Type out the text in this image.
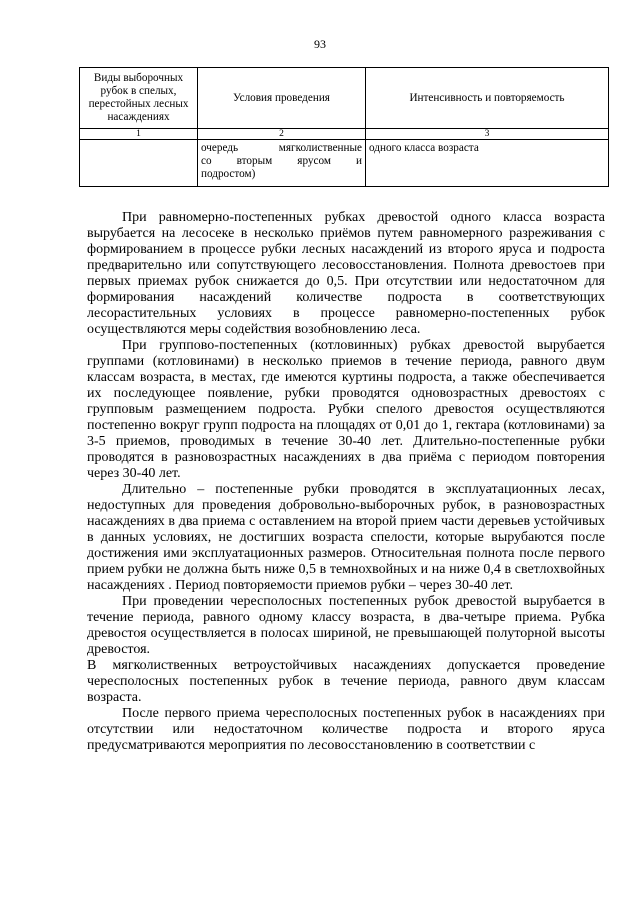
93
Виды выборочных рубок в спелых, перестойных лесных насаждениях	Условия проведения	Интенсивность и повторяемость
1	2	3

	очередь мягколиственные
со вторым ярусом и
подростом)	одного класса возраста

При равномерно-постепенных рубках древостой одного класса возраста вырубается на лесосеке в несколько приёмов путем равномерного разреживания с формированием в процессе рубки лесных насаждений из второго яруса и подроста предварительно или сопутствующего лесовосстановления. Полнота древостоев при первых приемах рубок снижается до 0,5. При отсутствии или недостаточном для формирования насаждений количестве подроста в соответствующих лесорастительных условиях в процессе равномерно-постепенных рубок осуществляются меры содействия возобновлению леса.

При группово-постепенных (котловинных) рубках древостой вырубается группами (котловинами) в несколько приемов в течение периода, равного двум классам возраста, в местах, где имеются куртины подроста, а также обеспечивается их последующее появление, рубки проводятся одновозрастных древостоях с групповым размещением подроста. Рубки спелого древостоя осуществляются постепенно вокруг групп подроста на площадях от 0,01 до 1, гектара (котловинами) за 3-5 приемов, проводимых в течение 30-40 лет. Длительно-постепенные рубки проводятся в разновозрастных насаждениях в два приёма с периодом повторения через 30-40 лет.

Длительно – постепенные рубки проводятся в эксплуатационных лесах, недоступных для проведения добровольно-выборочных рубок, в разновозрастных насаждениях в два приема с оставлением на второй прием части деревьев устойчивых в данных условиях, не достигших возраста спелости, которые вырубаются после достижения ими эксплуатационных размеров. Относительная полнота после первого прием рубки не должна быть ниже 0,5 в темнохвойных и на ниже 0,4 в светлохвойных насаждениях . Период повторяемости приемов рубки – через 30-40 лет.

При проведении чересполосных постепенных рубок древостой вырубается в течение периода, равного одному классу возраста, в два-четыре приема. Рубка древостоя осуществляется в полосах шириной, не превышающей полуторной высоты древостоя.

В мягколиственных ветроустойчивых насаждениях допускается проведение чересполосных постепенных рубок в течение периода, равного двум классам возраста.

После первого приема чересполосных постепенных рубок в насаждениях при отсутствии или недостаточном количестве подроста и второго яруса предусматриваются мероприятия по лесовосстановлению в соответствии с
